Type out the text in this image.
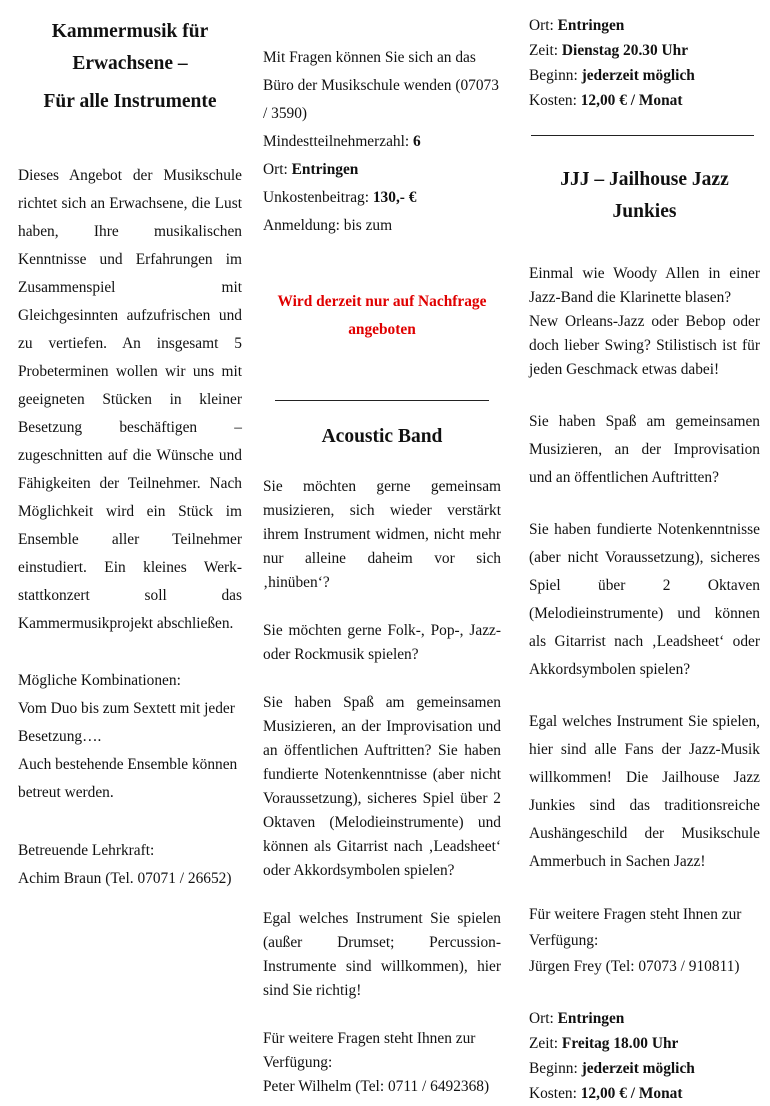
Kammermusik für Erwachsene –
Für alle Instrumente

Dieses Angebot der Musikschule richtet sich an Erwachsene, die Lust haben, Ihre musikalischen Kenntnisse und Erfahrungen im Zusammenspiel mit Gleichgesinnten aufzufrischen und zu vertiefen. An insgesamt 5 Probeterminen wollen wir uns mit geeigneten Stücken in kleiner Besetzung beschäftigen – zugeschnitten auf die Wünsche und Fähigkeiten der Teilnehmer. Nach Möglichkeit wird ein Stück im Ensemble aller Teilnehmer einstudiert. Ein kleines Werk-stattkonzert soll das Kammermusikprojekt abschließen.

Mögliche Kombinationen:

Vom Duo bis zum Sextett mit jeder Besetzung….

Auch bestehende Ensemble können betreut werden.

Betreuende Lehrkraft:

Achim Braun (Tel. 07071 / 26652)

Mit Fragen können Sie sich an das Büro der Musikschule wenden (07073 / 3590)

Mindestteilnehmerzahl: 6

Ort: Entringen

Unkostenbeitrag: 130,- €

Anmeldung: bis zum

Wird derzeit nur auf Nachfrage angeboten

Acoustic Band

Sie möchten gerne gemeinsam musizieren, sich wieder verstärkt ihrem Instrument widmen, nicht mehr nur alleine daheim vor sich ‚hinüben‘?

Sie möchten gerne Folk-, Pop-, Jazz- oder Rockmusik spielen?

Sie haben Spaß am gemeinsamen Musizieren, an der Improvisation und an öffentlichen Auftritten? Sie haben fundierte Notenkenntnisse (aber nicht Voraussetzung), sicheres Spiel über 2 Oktaven (Melodieinstrumente) und können als Gitarrist nach ‚Leadsheet‘ oder Akkordsymbolen spielen?

Egal welches Instrument Sie spielen (außer Drumset; Percussion-Instrumente sind willkommen), hier sind Sie richtig!

Für weitere Fragen steht Ihnen zur Verfügung:

Peter Wilhelm (Tel: 0711 / 6492368)

Ort: Entringen

Zeit: Dienstag 20.30 Uhr

Beginn: jederzeit möglich

Kosten: 12,00 € / Monat

JJJ – Jailhouse Jazz Junkies

Einmal wie Woody Allen in einer Jazz-Band die Klarinette blasen?

New Orleans-Jazz oder Bebop oder doch lieber Swing? Stilistisch ist für jeden Geschmack etwas dabei!

Sie haben Spaß am gemeinsamen Musizieren, an der Improvisation und an öffentlichen Auftritten?

Sie haben fundierte Notenkenntnisse (aber nicht Voraussetzung), sicheres Spiel über 2 Oktaven (Melodieinstrumente) und können als Gitarrist nach ‚Leadsheet‘ oder Akkordsymbolen spielen?

Egal welches Instrument Sie spielen, hier sind alle Fans der Jazz-Musik willkommen! Die Jailhouse Jazz Junkies sind das traditionsreiche Aushängeschild der Musikschule Ammerbuch in Sachen Jazz!

Für weitere Fragen steht Ihnen zur Verfügung:

Jürgen Frey (Tel: 07073 / 910811)

Ort: Entringen

Zeit: Freitag 18.00 Uhr

Beginn: jederzeit möglich

Kosten: 12,00 € / Monat
